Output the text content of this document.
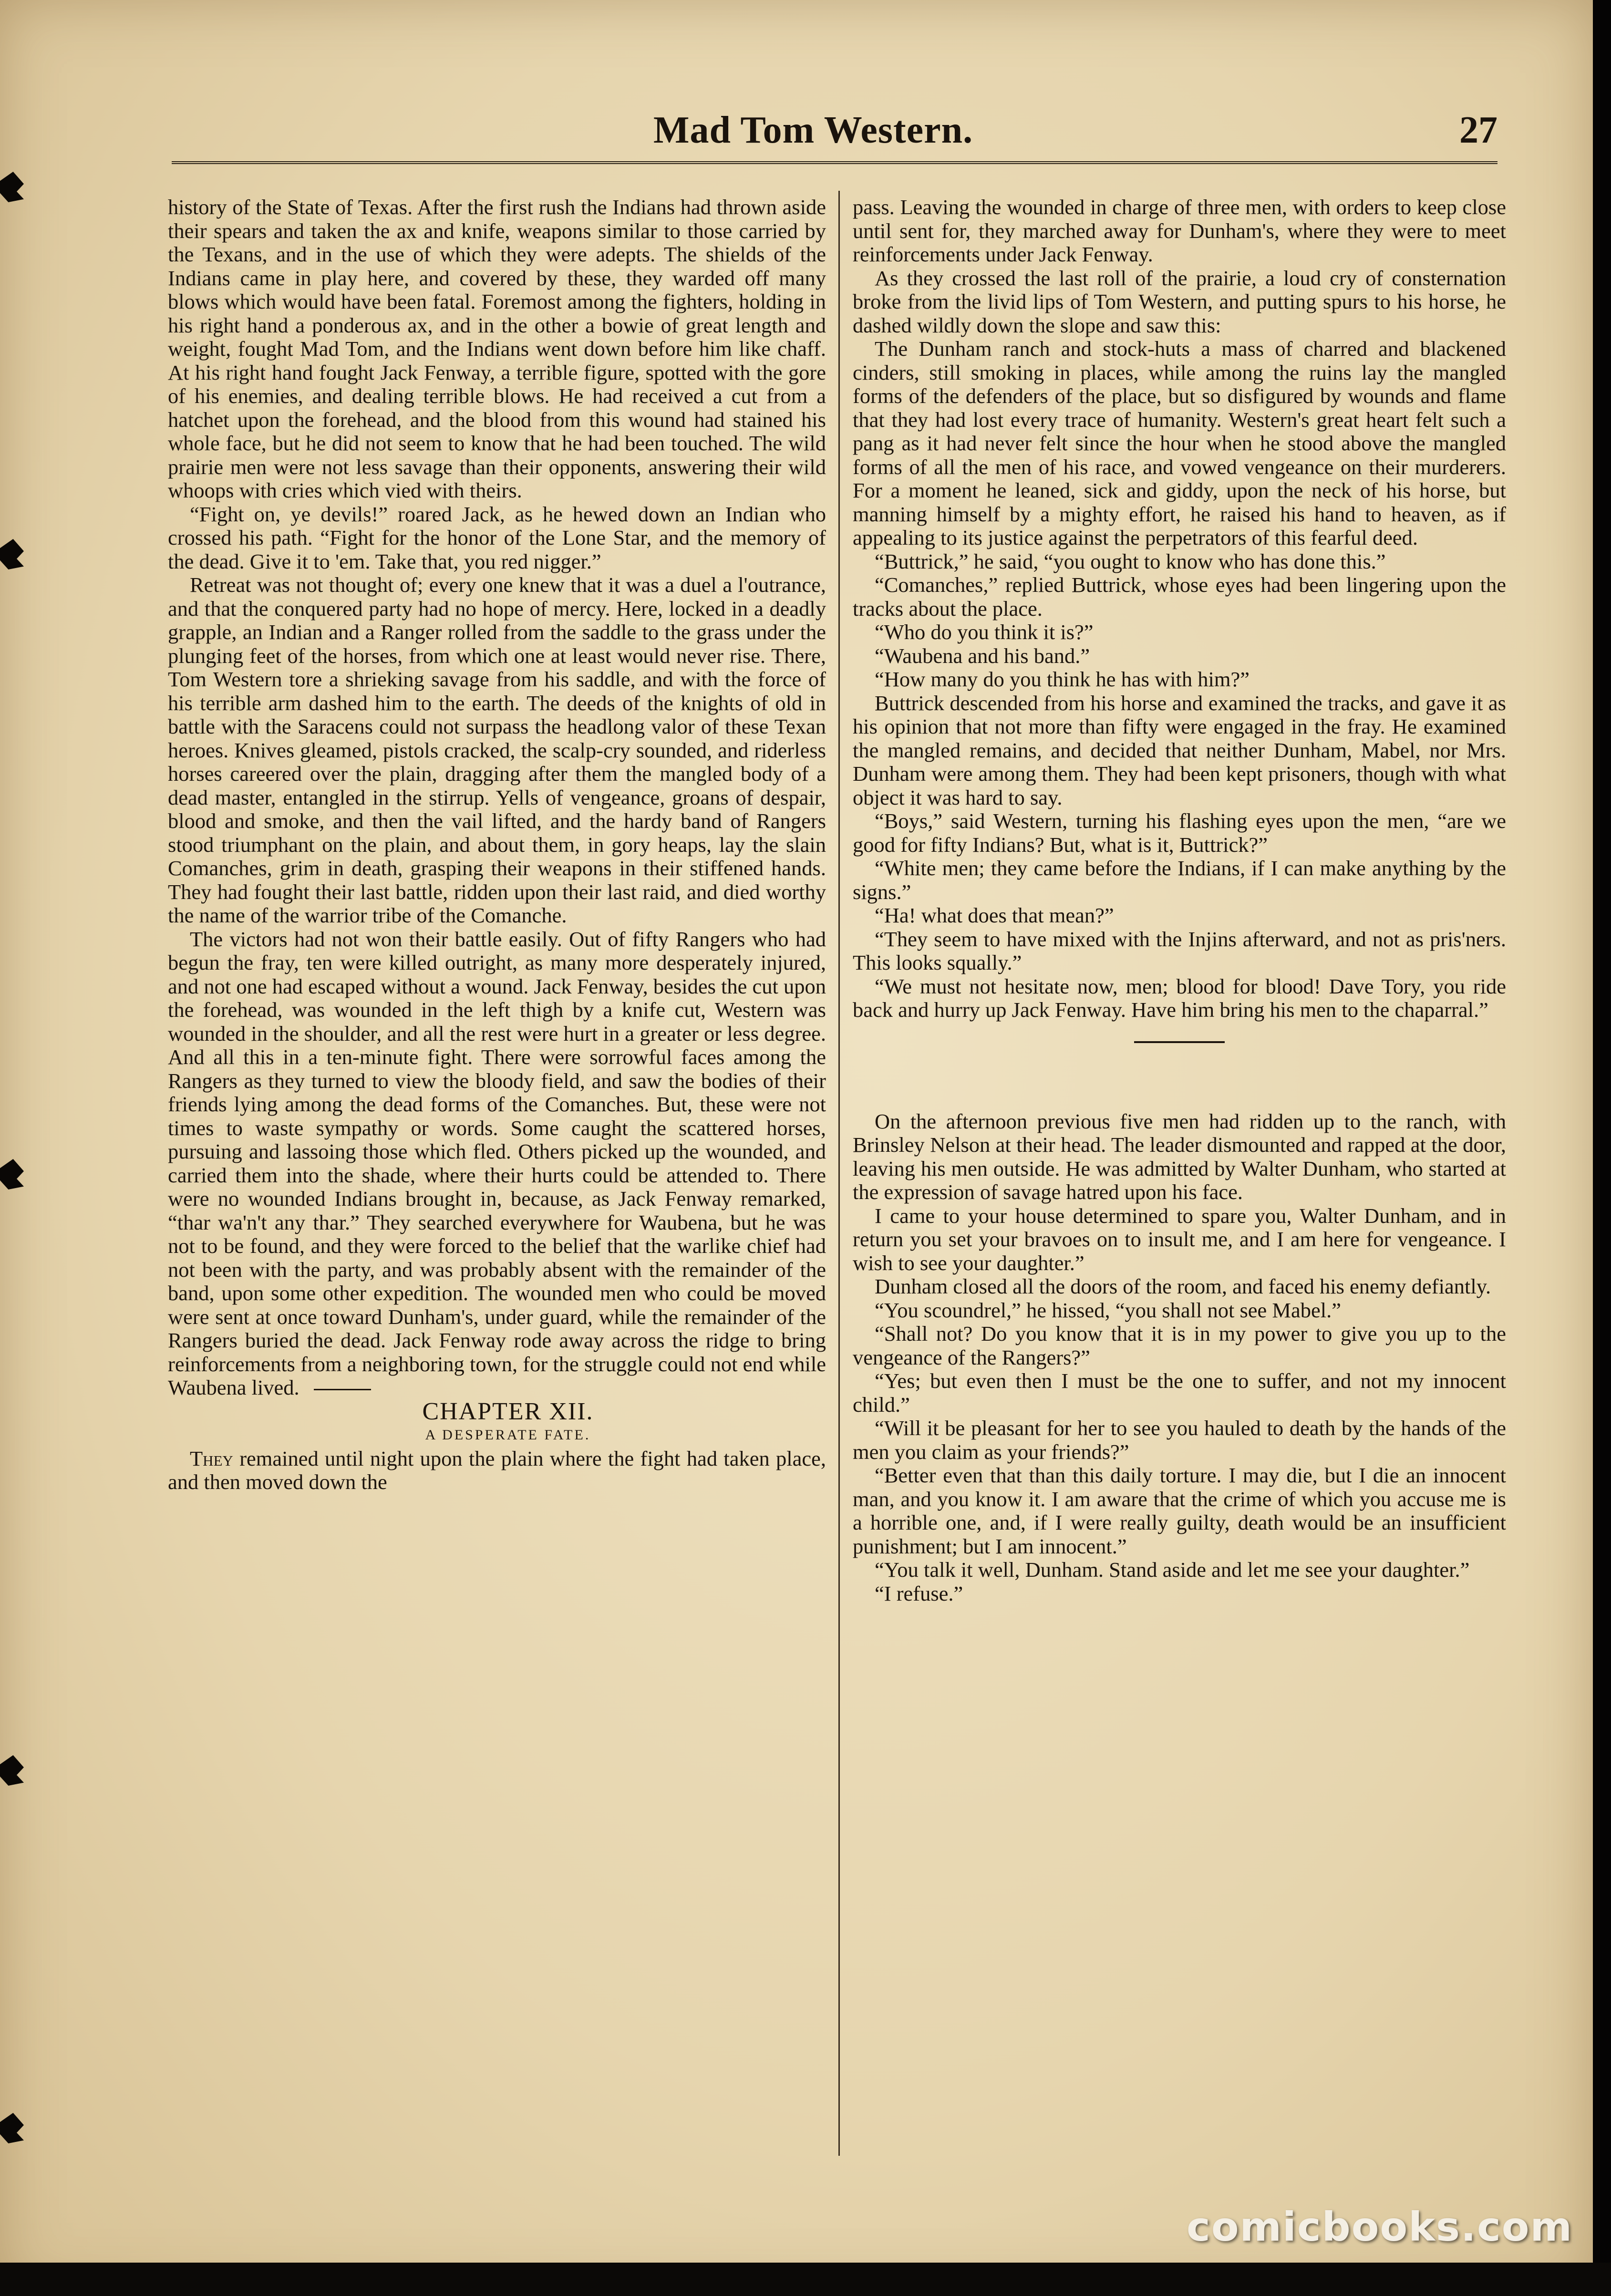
Mad Tom Western.	27

history of the State of Texas. After the first rush the Indians had thrown aside their spears and taken the ax and knife, weapons similar to those carried by the Texans, and in the use of which they were adepts. The shields of the Indians came in play here, and covered by these, they warded off many blows which would have been fatal. Foremost among the fighters, holding in his right hand a ponderous ax, and in the other a bowie of great length and weight, fought Mad Tom, and the Indians went down before him like chaff. At his right hand fought Jack Fenway, a terrible figure, spotted with the gore of his enemies, and dealing terrible blows. He had received a cut from a hatchet upon the forehead, and the blood from this wound had stained his whole face, but he did not seem to know that he had been touched. The wild prairie men were not less savage than their opponents, answering their wild whoops with cries which vied with theirs.

“Fight on, ye devils!” roared Jack, as he hewed down an Indian who crossed his path. “Fight for the honor of the Lone Star, and the memory of the dead. Give it to 'em. Take that, you red nigger.”

Retreat was not thought of; every one knew that it was a duel a l'outrance, and that the conquered party had no hope of mercy. Here, locked in a deadly grapple, an Indian and a Ranger rolled from the saddle to the grass under the plunging feet of the horses, from which one at least would never rise. There, Tom Western tore a shrieking savage from his saddle, and with the force of his terrible arm dashed him to the earth. The deeds of the knights of old in battle with the Saracens could not surpass the headlong valor of these Texan heroes. Knives gleamed, pistols cracked, the scalp-cry sounded, and riderless horses careered over the plain, dragging after them the mangled body of a dead master, entangled in the stirrup. Yells of vengeance, groans of despair, blood and smoke, and then the vail lifted, and the hardy band of Rangers stood triumphant on the plain, and about them, in gory heaps, lay the slain Comanches, grim in death, grasping their weapons in their stiffened hands. They had fought their last battle, ridden upon their last raid, and died worthy the name of the warrior tribe of the Comanche.

The victors had not won their battle easily. Out of fifty Rangers who had begun the fray, ten were killed outright, as many more desperately injured, and not one had escaped without a wound. Jack Fenway, besides the cut upon the forehead, was wounded in the left thigh by a knife cut, Western was wounded in the shoulder, and all the rest were hurt in a greater or less degree. And all this in a ten-minute fight. There were sorrowful faces among the Rangers as they turned to view the bloody field, and saw the bodies of their friends lying among the dead forms of the Comanches. But, these were not times to waste sympathy or words. Some caught the scattered horses, pursuing and lassoing those which fled. Others picked up the wounded, and carried them into the shade, where their hurts could be attended to. There were no wounded Indians brought in, because, as Jack Fenway remarked, “thar wa'n't any thar.” They searched everywhere for Waubena, but he was not to be found, and they were forced to the belief that the warlike chief had not been with the party, and was probably absent with the remainder of the band, upon some other expedition. The wounded men who could be moved were sent at once toward Dunham's, under guard, while the remainder of the Rangers buried the dead. Jack Fenway rode away across the ridge to bring reinforcements from a neighboring town, for the struggle could not end while Waubena lived.

CHAPTER XII.

A DESPERATE FATE.

They remained until night upon the plain where the fight had taken place, and then moved down the

pass. Leaving the wounded in charge of three men, with orders to keep close until sent for, they marched away for Dunham's, where they were to meet reinforcements under Jack Fenway.

As they crossed the last roll of the prairie, a loud cry of consternation broke from the livid lips of Tom Western, and putting spurs to his horse, he dashed wildly down the slope and saw this:

The Dunham ranch and stock-huts a mass of charred and blackened cinders, still smoking in places, while among the ruins lay the mangled forms of the defenders of the place, but so disfigured by wounds and flame that they had lost every trace of humanity. Western's great heart felt such a pang as it had never felt since the hour when he stood above the mangled forms of all the men of his race, and vowed vengeance on their murderers. For a moment he leaned, sick and giddy, upon the neck of his horse, but manning himself by a mighty effort, he raised his hand to heaven, as if appealing to its justice against the perpetrators of this fearful deed.

“Buttrick,” he said, “you ought to know who has done this.”

“Comanches,” replied Buttrick, whose eyes had been lingering upon the tracks about the place.

“Who do you think it is?”

“Waubena and his band.”

“How many do you think he has with him?”

Buttrick descended from his horse and examined the tracks, and gave it as his opinion that not more than fifty were engaged in the fray. He examined the mangled remains, and decided that neither Dunham, Mabel, nor Mrs. Dunham were among them. They had been kept prisoners, though with what object it was hard to say.

“Boys,” said Western, turning his flashing eyes upon the men, “are we good for fifty Indians? But, what is it, Buttrick?”

“White men; they came before the Indians, if I can make anything by the signs.”

“Ha! what does that mean?”

“They seem to have mixed with the Injins afterward, and not as pris'ners. This looks squally.”

“We must not hesitate now, men; blood for blood! Dave Tory, you ride back and hurry up Jack Fenway. Have him bring his men to the chaparral.”

On the afternoon previous five men had ridden up to the ranch, with Brinsley Nelson at their head. The leader dismounted and rapped at the door, leaving his men outside. He was admitted by Walter Dunham, who started at the expression of savage hatred upon his face.

I came to your house determined to spare you, Walter Dunham, and in return you set your bravoes on to insult me, and I am here for vengeance. I wish to see your daughter.”

Dunham closed all the doors of the room, and faced his enemy defiantly.

“You scoundrel,” he hissed, “you shall not see Mabel.”

“Shall not? Do you know that it is in my power to give you up to the vengeance of the Rangers?”

“Yes; but even then I must be the one to suffer, and not my innocent child.”

“Will it be pleasant for her to see you hauled to death by the hands of the men you claim as your friends?”

“Better even that than this daily torture. I may die, but I die an innocent man, and you know it. I am aware that the crime of which you accuse me is a horrible one, and, if I were really guilty, death would be an insufficient punishment; but I am innocent.”

“You talk it well, Dunham. Stand aside and let me see your daughter.”

“I refuse.”

comicbooks.com
